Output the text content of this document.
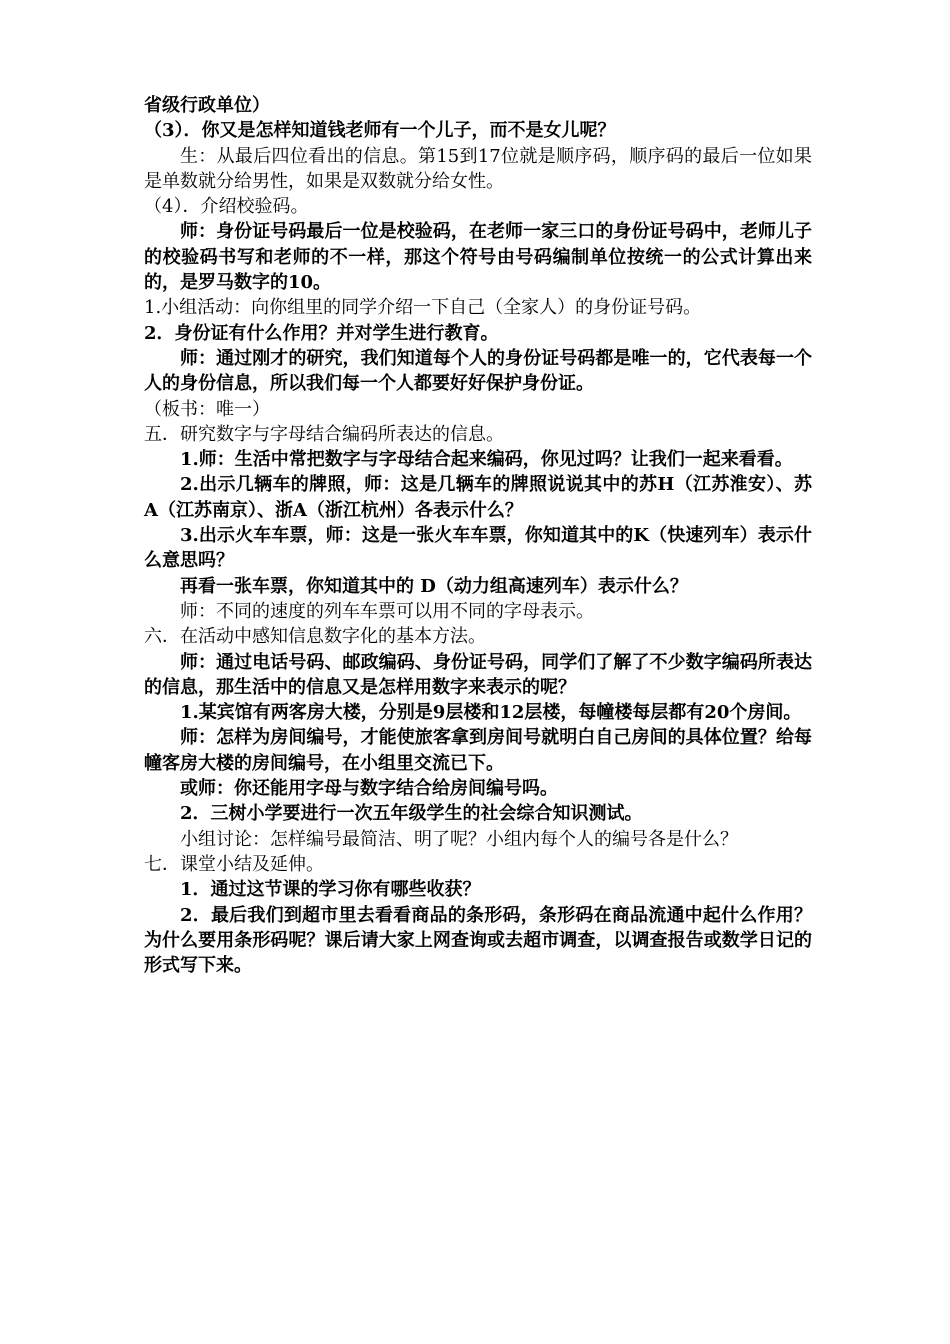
省级行政单位）

（3）．你又是怎样知道钱老师有一个儿子，而不是女儿呢？

生：从最后四位看出的信息。第15到17位就是顺序码，顺序码的最后一位如果是单数就分给男性，如果是双数就分给女性。

（4）．介绍校验码。

师：身份证号码最后一位是校验码，在老师一家三口的身份证号码中，老师儿子的校验码书写和老师的不一样，那这个符号由号码编制单位按统一的公式计算出来的，是罗马数字的10。

1.小组活动：向你组里的同学介绍一下自己（全家人）的身份证号码。

2．身份证有什么作用？并对学生进行教育。

师：通过刚才的研究，我们知道每个人的身份证号码都是唯一的，它代表每一个人的身份信息，所以我们每一个人都要好好保护身份证。

（板书：唯一）

五．研究数字与字母结合编码所表达的信息。

1.师：生活中常把数字与字母结合起来编码，你见过吗？让我们一起来看看。

2.出示几辆车的牌照，师：这是几辆车的牌照说说其中的苏H（江苏淮安）、苏A（江苏南京）、浙A（浙江杭州）各表示什么？

3.出示火车车票，师：这是一张火车车票，你知道其中的K（快速列车）表示什么意思吗？

再看一张车票，你知道其中的 D（动力组高速列车）表示什么？

师：不同的速度的列车车票可以用不同的字母表示。

六．在活动中感知信息数字化的基本方法。

师：通过电话号码、邮政编码、身份证号码，同学们了解了不少数字编码所表达的信息，那生活中的信息又是怎样用数字来表示的呢？

1.某宾馆有两客房大楼，分别是9层楼和12层楼，每幢楼每层都有20个房间。

师：怎样为房间编号，才能使旅客拿到房间号就明白自己房间的具体位置？给每幢客房大楼的房间编号，在小组里交流已下。

或师：你还能用字母与数字结合给房间编号吗。

2．三树小学要进行一次五年级学生的社会综合知识测试。

小组讨论：怎样编号最简洁、明了呢？小组内每个人的编号各是什么？

七．课堂小结及延伸。

1．通过这节课的学习你有哪些收获？

2．最后我们到超市里去看看商品的条形码，条形码在商品流通中起什么作用？为什么要用条形码呢？课后请大家上网查询或去超市调查，以调查报告或数学日记的形式写下来。
